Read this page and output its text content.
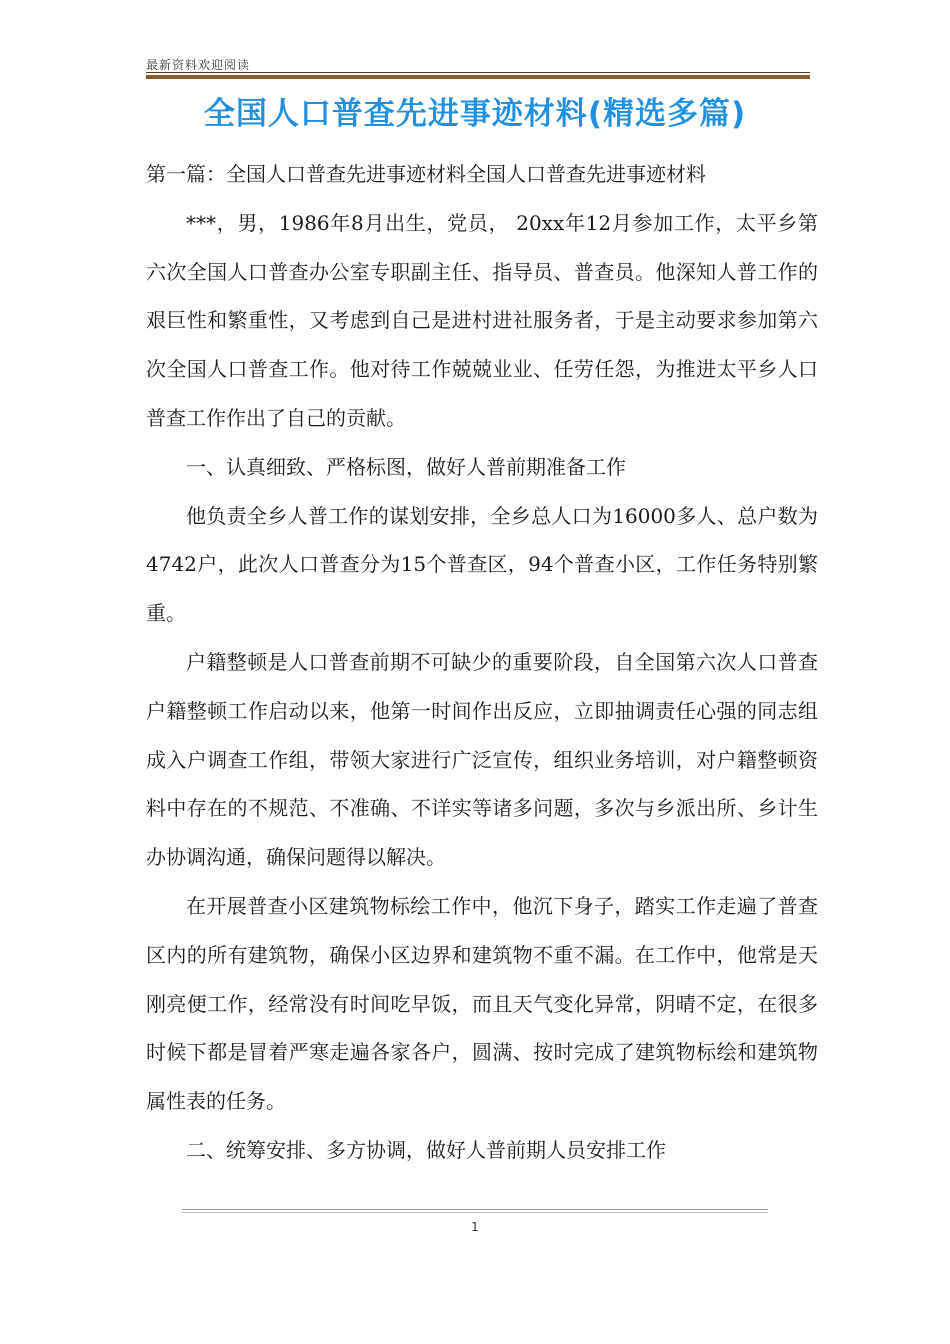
最新资料欢迎阅读
全国人口普查先进事迹材料(精选多篇)

第一篇：全国人口普查先进事迹材料全国人口普查先进事迹材料

***，男，1986年8月出生，党员， 20xx年12月参加工作，太平乡第六次全国人口普查办公室专职副主任、指导员、普查员。他深知人普工作的艰巨性和繁重性，又考虑到自己是进村进社服务者，于是主动要求参加第六次全国人口普查工作。他对待工作兢兢业业、任劳任怨，为推进太平乡人口普查工作作出了自己的贡献。

一、认真细致、严格标图，做好人普前期准备工作

他负责全乡人普工作的谋划安排，全乡总人口为16000多人、总户数为4742户，此次人口普查分为15个普查区，94个普查小区，工作任务特别繁重。

户籍整顿是人口普查前期不可缺少的重要阶段，自全国第六次人口普查户籍整顿工作启动以来，他第一时间作出反应，立即抽调责任心强的同志组成入户调查工作组，带领大家进行广泛宣传，组织业务培训，对户籍整顿资料中存在的不规范、不准确、不详实等诸多问题，多次与乡派出所、乡计生办协调沟通，确保问题得以解决。

在开展普查小区建筑物标绘工作中，他沉下身子，踏实工作走遍了普查区内的所有建筑物，确保小区边界和建筑物不重不漏。在工作中，他常是天刚亮便工作，经常没有时间吃早饭，而且天气变化异常，阴晴不定，在很多时候下都是冒着严寒走遍各家各户，圆满、按时完成了建筑物标绘和建筑物属性表的任务。

二、统筹安排、多方协调，做好人普前期人员安排工作

1
